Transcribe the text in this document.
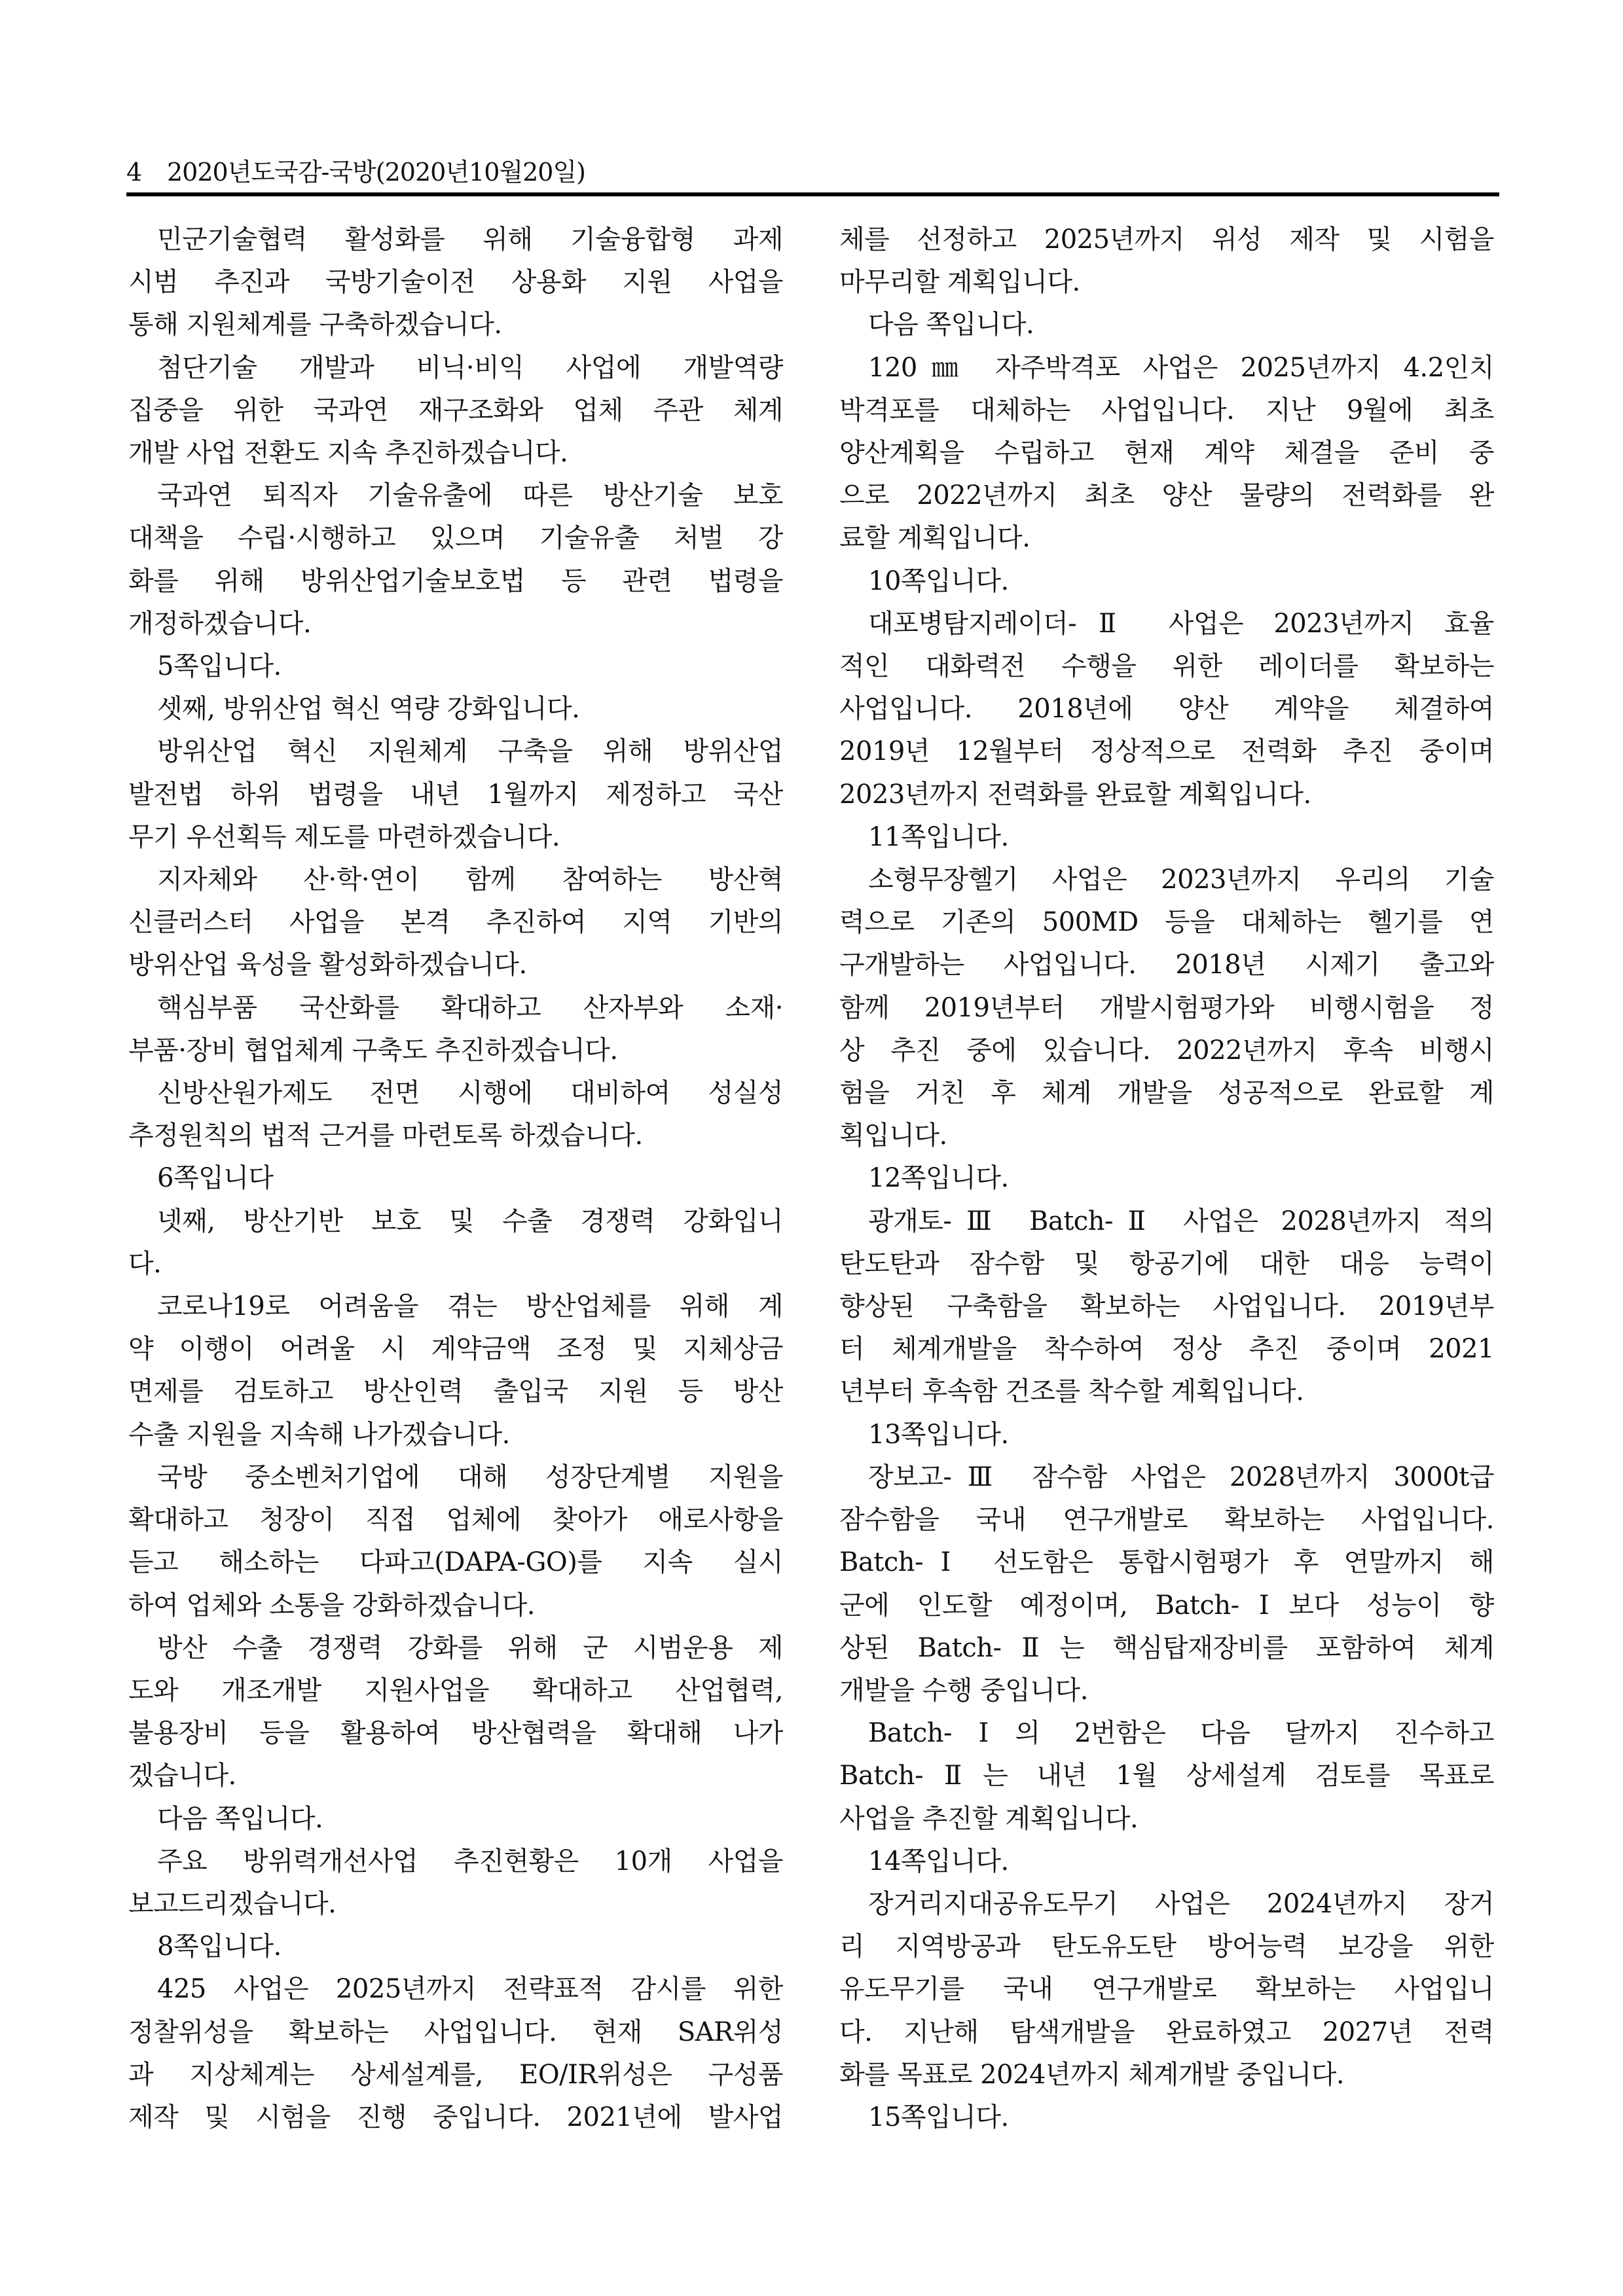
4 2020년도국감-국방(2020년10월20일)

민군기술협력 활성화를 위해 기술융합형 과제
시범 추진과 국방기술이전 상용화 지원 사업을
통해 지원체계를 구축하겠습니다.

첨단기술 개발과 비닉·비익 사업에 개발역량
집중을 위한 국과연 재구조화와 업체 주관 체계
개발 사업 전환도 지속 추진하겠습니다.

국과연 퇴직자 기술유출에 따른 방산기술 보호
대책을 수립·시행하고 있으며 기술유출 처벌 강
화를 위해 방위산업기술보호법 등 관련 법령을
개정하겠습니다.

5쪽입니다.

셋째, 방위산업 혁신 역량 강화입니다.

방위산업 혁신 지원체계 구축을 위해 방위산업
발전법 하위 법령을 내년 1월까지 제정하고 국산
무기 우선획득 제도를 마련하겠습니다.

지자체와 산·학·연이 함께 참여하는 방산혁
신클러스터 사업을 본격 추진하여 지역 기반의
방위산업 육성을 활성화하겠습니다.

핵심부품 국산화를 확대하고 산자부와 소재·
부품·장비 협업체계 구축도 추진하겠습니다.

신방산원가제도 전면 시행에 대비하여 성실성
추정원칙의 법적 근거를 마련토록 하겠습니다.

6쪽입니다

넷째, 방산기반 보호 및 수출 경쟁력 강화입니
다.

코로나19로 어려움을 겪는 방산업체를 위해 계
약 이행이 어려울 시 계약금액 조정 및 지체상금
면제를 검토하고 방산인력 출입국 지원 등 방산
수출 지원을 지속해 나가겠습니다.

국방 중소벤처기업에 대해 성장단계별 지원을
확대하고 청장이 직접 업체에 찾아가 애로사항을
듣고 해소하는 다파고(DAPA-GO)를 지속 실시
하여 업체와 소통을 강화하겠습니다.

방산 수출 경쟁력 강화를 위해 군 시범운용 제
도와 개조개발 지원사업을 확대하고 산업협력,
불용장비 등을 활용하여 방산협력을 확대해 나가
겠습니다.

다음 쪽입니다.

주요 방위력개선사업 추진현황은 10개 사업을
보고드리겠습니다.

8쪽입니다.

425 사업은 2025년까지 전략표적 감시를 위한
정찰위성을 확보하는 사업입니다. 현재 SAR위성
과 지상체계는 상세설계를, EO/IR위성은 구성품
제작 및 시험을 진행 중입니다. 2021년에 발사업

체를 선정하고 2025년까지 위성 제작 및 시험을
마무리할 계획입니다.

다음 쪽입니다.

120㎜ 자주박격포 사업은 2025년까지 4.2인치
박격포를 대체하는 사업입니다. 지난 9월에 최초
양산계획을 수립하고 현재 계약 체결을 준비 중
으로 2022년까지 최초 양산 물량의 전력화를 완
료할 계획입니다.

10쪽입니다.

대포병탐지레이더-Ⅱ 사업은 2023년까지 효율
적인 대화력전 수행을 위한 레이더를 확보하는
사업입니다. 2018년에 양산 계약을 체결하여
2019년 12월부터 정상적으로 전력화 추진 중이며
2023년까지 전력화를 완료할 계획입니다.

11쪽입니다.

소형무장헬기 사업은 2023년까지 우리의 기술
력으로 기존의 500MD 등을 대체하는 헬기를 연
구개발하는 사업입니다. 2018년 시제기 출고와
함께 2019년부터 개발시험평가와 비행시험을 정
상 추진 중에 있습니다. 2022년까지 후속 비행시
험을 거친 후 체계 개발을 성공적으로 완료할 계
획입니다.

12쪽입니다.

광개토-Ⅲ Batch-Ⅱ 사업은 2028년까지 적의
탄도탄과 잠수함 및 항공기에 대한 대응 능력이
향상된 구축함을 확보하는 사업입니다. 2019년부
터 체계개발을 착수하여 정상 추진 중이며 2021
년부터 후속함 건조를 착수할 계획입니다.

13쪽입니다.

장보고-Ⅲ 잠수함 사업은 2028년까지 3000t급
잠수함을 국내 연구개발로 확보하는 사업입니다.
Batch-Ⅰ 선도함은 통합시험평가 후 연말까지 해
군에 인도할 예정이며, Batch-Ⅰ보다 성능이 향
상된 Batch-Ⅱ는 핵심탑재장비를 포함하여 체계
개발을 수행 중입니다.

Batch-Ⅰ의 2번함은 다음 달까지 진수하고
Batch-Ⅱ는 내년 1월 상세설계 검토를 목표로
사업을 추진할 계획입니다.

14쪽입니다.

장거리지대공유도무기 사업은 2024년까지 장거
리 지역방공과 탄도유도탄 방어능력 보강을 위한
유도무기를 국내 연구개발로 확보하는 사업입니
다. 지난해 탐색개발을 완료하였고 2027년 전력
화를 목표로 2024년까지 체계개발 중입니다.

15쪽입니다.
